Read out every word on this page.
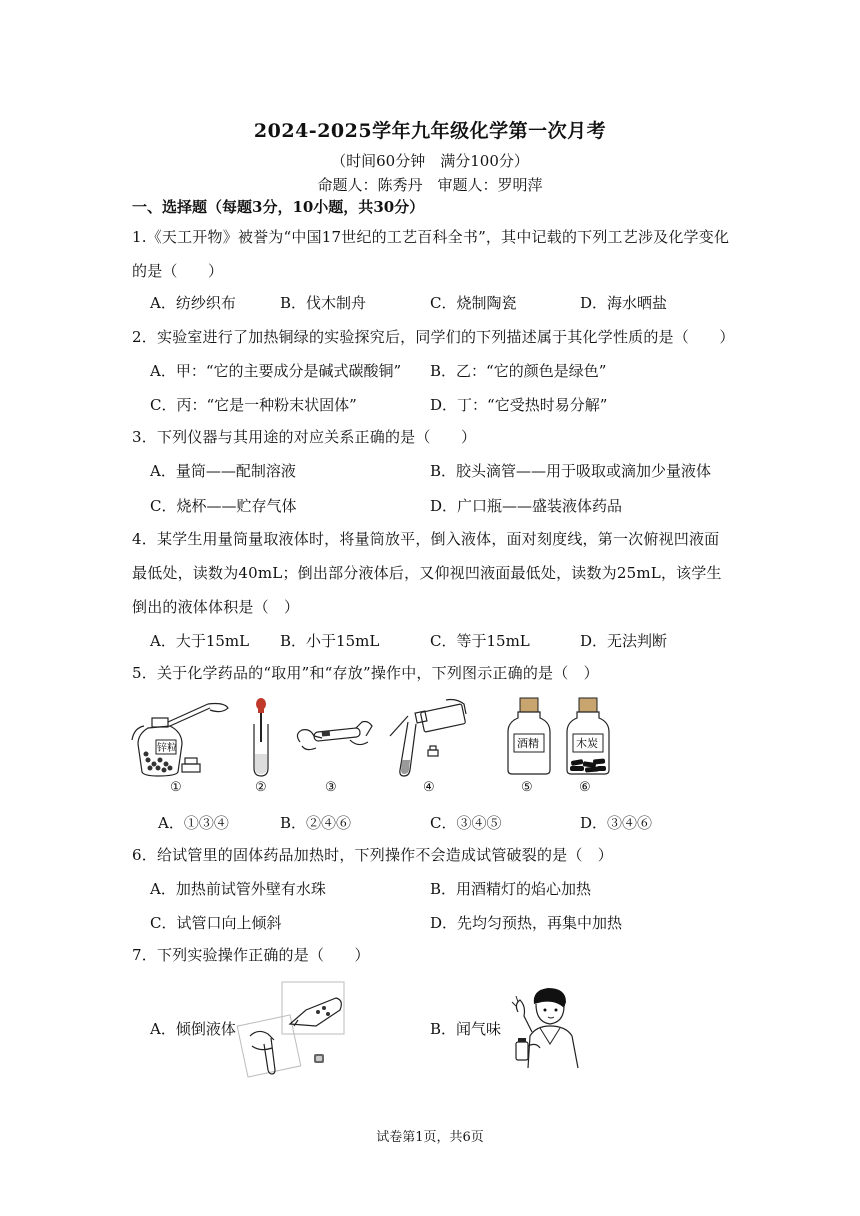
2024-2025学年九年级化学第一次月考
（时间60分钟　满分100分）
命题人：陈秀丹　审题人：罗明萍
一、选择题（每题3分，10小题，共30分）
1.《天工开物》被誉为“中国17世纪的工艺百科全书”，其中记载的下列工艺涉及化学变化的是（　　）
A．纺纱织布	B．伐木制舟	C．烧制陶瓷	D．海水晒盐
2．实验室进行了加热铜绿的实验探究后，同学们的下列描述属于其化学性质的是（　　）
A．甲：“它的主要成分是碱式碳酸铜” B．乙：“它的颜色是绿色”
C．丙：“它是一种粉末状固体”	D．丁：“它受热时易分解”
3．下列仪器与其用途的对应关系正确的是（　　）
A．量筒——配制溶液	B．胶头滴管——用于吸取或滴加少量液体
C．烧杯——贮存气体	D．广口瓶——盛装液体药品
4．某学生用量筒量取液体时，将量筒放平，倒入液体，面对刻度线，第一次俯视凹液面最低处，读数为40mL；倒出部分液体后，又仰视凹液面最低处，读数为25mL，该学生倒出的液体体积是（　）
A．大于15mL B．小于15mL	C．等于15mL	D．无法判断
5．关于化学药品的“取用”和“存放”操作中，下列图示正确的是（　）
锌粒	酒精	木炭
①	②	③	④	⑤	⑥
A．①③④	B．②④⑥	C．③④⑤	D．③④⑥
6．给试管里的固体药品加热时，下列操作不会造成试管破裂的是（　）
A．加热前试管外壁有水珠	B．用酒精灯的焰心加热
C．试管口向上倾斜	D．先均匀预热，再集中加热
7．下列实验操作正确的是（　　）
A．倾倒液体	B．闻气味
试卷第1页，共6页
